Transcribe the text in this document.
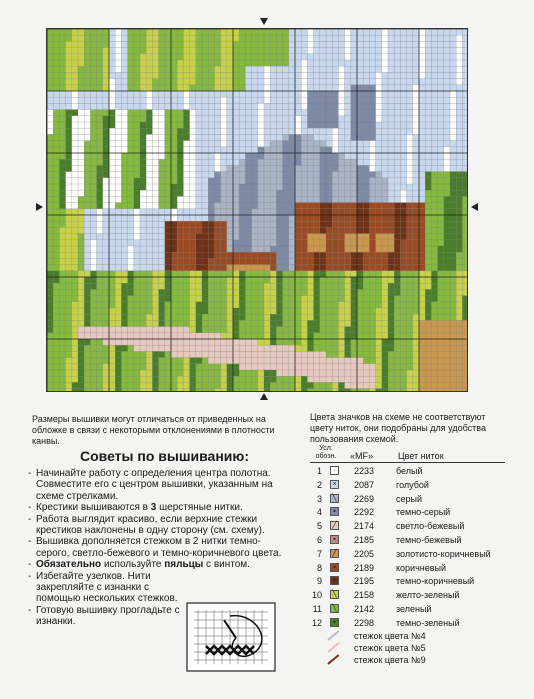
Размеры вышивки могут отличаться от приведенных на обложке в связи с некоторыми отклонениями в плотности канвы.
Советы по вышиванию:
- Начинайте работу с определения центра полотна. Совместите его с центром вышивки, указанным на схеме стрелками.
- Крестики вышиваются в 3 шерстяные нитки.
- Работа выглядит красиво, если верхние стежки крестиков наклонены в одну сторону (см. схему).
- Вышивка дополняется стежком в 2 нитки темно-серого, светло-бежевого и темно-коричневого цвета.
- Обязательно используйте пяльцы с винтом.
- Избегайте узелков. Нити закрепляйте с изнанки с помощью нескольких стежков.
- Готовую вышивку прогладьте с изнанки.
Цвета значков на схеме не соответствуют цвету ниток, они подобраны для удобства пользования схемой.
Усл. обозн.	«MF»	Цвет ниток
1	·	2233 белый
2	× 2087 голубой
3	╲ 2269 серый
4	▪	2292 темно-серый
5	╱ 2174 светло-бежевый
6	▪	2185 темно-бежевый
7	╱ 2205 золотисто-коричневый
8	▪	2189 коричневый
9	▪	2195 темно-коричневый
10	╲ 2158 желто-зеленый
11	╲ 2142 зеленый
12	▪	2298 темно-зеленый
стежок цвета №4
стежок цвета №5
стежок цвета №9
